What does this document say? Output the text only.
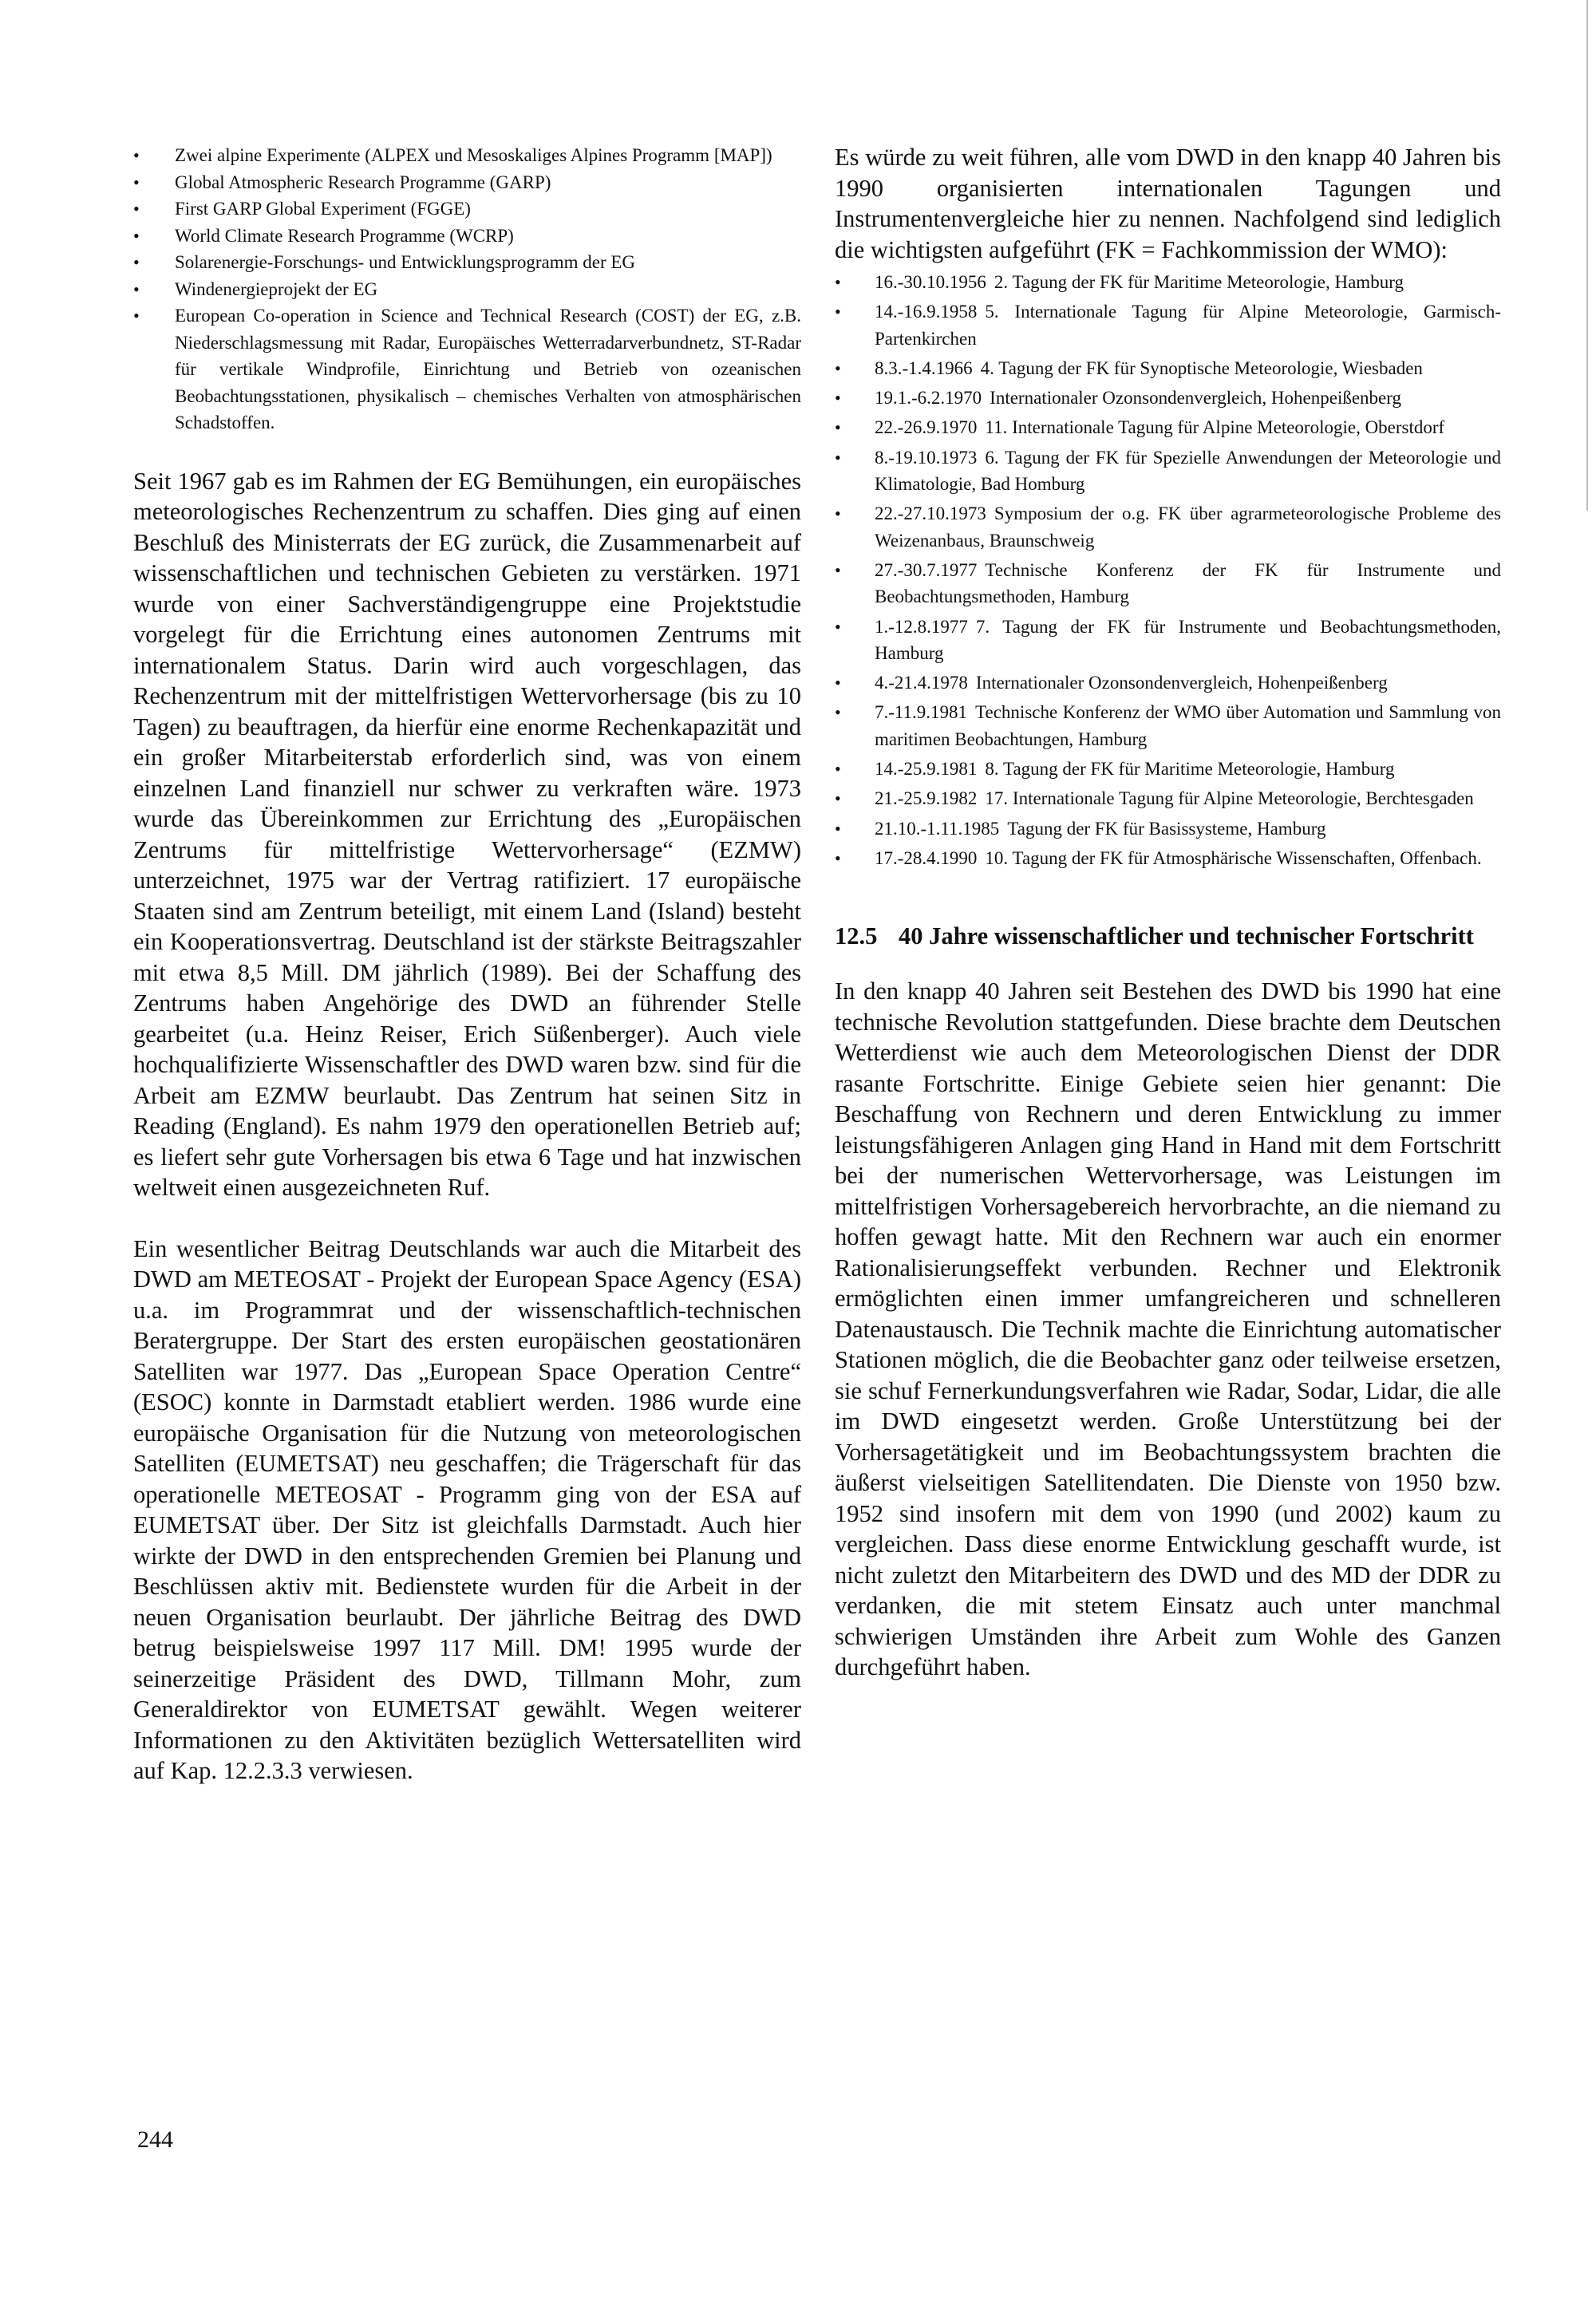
• Zwei alpine Experimente (ALPEX und Mesoskaliges Alpines Programm [MAP])
• Global Atmospheric Research Programme (GARP)
• First GARP Global Experiment (FGGE)
• World Climate Research Programme (WCRP)
• Solarenergie-Forschungs- und Entwicklungsprogramm der EG
• Windenergieprojekt der EG
• European Co-operation in Science and Technical Research (COST) der EG, z.B. Niederschlagsmessung mit Radar, Europäisches Wetterradarverbundnetz, ST-Radar für vertikale Windprofile, Einrichtung und Betrieb von ozeanischen Beobachtungsstationen, physikalisch – chemisches Verhalten von atmosphärischen Schadstoffen.

Seit 1967 gab es im Rahmen der EG Bemühungen, ein europäisches meteorologisches Rechenzentrum zu schaffen. Dies ging auf einen Beschluß des Ministerrats der EG zurück, die Zusammenarbeit auf wissenschaftlichen und technischen Gebieten zu verstärken. 1971 wurde von einer Sachverständigengruppe eine Projektstudie vorgelegt für die Errichtung eines autonomen Zentrums mit internationalem Status. Darin wird auch vorgeschlagen, das Rechenzentrum mit der mittelfristigen Wettervorhersage (bis zu 10 Tagen) zu beauftragen, da hierfür eine enorme Rechenkapazität und ein großer Mitarbeiterstab erforderlich sind, was von einem einzelnen Land finanziell nur schwer zu verkraften wäre. 1973 wurde das Übereinkommen zur Errichtung des „Europäischen Zentrums für mittelfristige Wettervorhersage“ (EZMW) unterzeichnet, 1975 war der Vertrag ratifiziert. 17 europäische Staaten sind am Zentrum beteiligt, mit einem Land (Island) besteht ein Kooperationsvertrag. Deutschland ist der stärkste Beitragszahler mit etwa 8,5 Mill. DM jährlich (1989). Bei der Schaffung des Zentrums haben Angehörige des DWD an führender Stelle gearbeitet (u.a. Heinz Reiser, Erich Süßenberger). Auch viele hochqualifizierte Wissenschaftler des DWD waren bzw. sind für die Arbeit am EZMW beurlaubt. Das Zentrum hat seinen Sitz in Reading (England). Es nahm 1979 den operationellen Betrieb auf; es liefert sehr gute Vorhersagen bis etwa 6 Tage und hat inzwischen weltweit einen ausgezeichneten Ruf.

Ein wesentlicher Beitrag Deutschlands war auch die Mitarbeit des DWD am METEOSAT - Projekt der European Space Agency (ESA) u.a. im Programmrat und der wissenschaftlich-technischen Beratergruppe. Der Start des ersten europäischen geostationären Satelliten war 1977. Das „European Space Operation Centre“ (ESOC) konnte in Darmstadt etabliert werden. 1986 wurde eine europäische Organisation für die Nutzung von meteorologischen Satelliten (EUMETSAT) neu geschaffen; die Trägerschaft für das operationelle METEOSAT - Programm ging von der ESA auf EUMETSAT über. Der Sitz ist gleichfalls Darmstadt. Auch hier wirkte der DWD in den entsprechenden Gremien bei Planung und Beschlüssen aktiv mit. Bedienstete wurden für die Arbeit in der neuen Organisation beurlaubt. Der jährliche Beitrag des DWD betrug beispielsweise 1997 117 Mill. DM! 1995 wurde der seinerzeitige Präsident des DWD, Tillmann Mohr, zum Generaldirektor von EUMETSAT gewählt. Wegen weiterer Informationen zu den Aktivitäten bezüglich Wettersatelliten wird auf Kap. 12.2.3.3 verwiesen.

Es würde zu weit führen, alle vom DWD in den knapp 40 Jahren bis 1990 organisierten internationalen Tagungen und Instrumentenvergleiche hier zu nennen. Nachfolgend sind lediglich die wichtigsten aufgeführt (FK = Fachkommission der WMO):

• 16.-30.10.1956 2. Tagung der FK für Maritime Meteorologie, Hamburg
• 14.-16.9.1958 5. Internationale Tagung für Alpine Meteorologie, Garmisch-Partenkirchen
• 8.3.-1.4.1966 4. Tagung der FK für Synoptische Meteorologie, Wiesbaden
• 19.1.-6.2.1970 Internationaler Ozonsondenvergleich, Hohenpeißenberg
• 22.-26.9.1970 11. Internationale Tagung für Alpine Meteorologie, Oberstdorf
• 8.-19.10.1973 6. Tagung der FK für Spezielle Anwendungen der Meteorologie und Klimatologie, Bad Homburg
• 22.-27.10.1973 Symposium der o.g. FK über agrarmeteorologische Probleme des Weizenanbaus, Braunschweig
• 27.-30.7.1977 Technische Konferenz der FK für Instrumente und Beobachtungsmethoden, Hamburg
• 1.-12.8.1977 7. Tagung der FK für Instrumente und Beobachtungsmethoden, Hamburg
• 4.-21.4.1978 Internationaler Ozonsondenvergleich, Hohenpeißenberg
• 7.-11.9.1981 Technische Konferenz der WMO über Automation und Sammlung von maritimen Beobachtungen, Hamburg
• 14.-25.9.1981 8. Tagung der FK für Maritime Meteorologie, Hamburg
• 21.-25.9.1982 17. Internationale Tagung für Alpine Meteorologie, Berchtesgaden
• 21.10.-1.11.1985 Tagung der FK für Basissysteme, Hamburg
• 17.-28.4.1990 10. Tagung der FK für Atmosphärische Wissenschaften, Offenbach.
12.5 40 Jahre wissenschaftlicher und technischer Fortschritt

In den knapp 40 Jahren seit Bestehen des DWD bis 1990 hat eine technische Revolution stattgefunden. Diese brachte dem Deutschen Wetterdienst wie auch dem Meteorologischen Dienst der DDR rasante Fortschritte. Einige Gebiete seien hier genannt: Die Beschaffung von Rechnern und deren Entwicklung zu immer leistungsfähigeren Anlagen ging Hand in Hand mit dem Fortschritt bei der numerischen Wettervorhersage, was Leistungen im mittelfristigen Vorhersagebereich hervorbrachte, an die niemand zu hoffen gewagt hatte. Mit den Rechnern war auch ein enormer Rationalisierungseffekt verbunden. Rechner und Elektronik ermöglichten einen immer umfangreicheren und schnelleren Datenaustausch. Die Technik machte die Einrichtung automatischer Stationen möglich, die die Beobachter ganz oder teilweise ersetzen, sie schuf Fernerkundungsverfahren wie Radar, Sodar, Lidar, die alle im DWD eingesetzt werden. Große Unterstützung bei der Vorhersagetätigkeit und im Beobachtungssystem brachten die äußerst vielseitigen Satellitendaten. Die Dienste von 1950 bzw. 1952 sind insofern mit dem von 1990 (und 2002) kaum zu vergleichen. Dass diese enorme Entwicklung geschafft wurde, ist nicht zuletzt den Mitarbeitern des DWD und des MD der DDR zu verdanken, die mit stetem Einsatz auch unter manchmal schwierigen Umständen ihre Arbeit zum Wohle des Ganzen durchgeführt haben.

244
